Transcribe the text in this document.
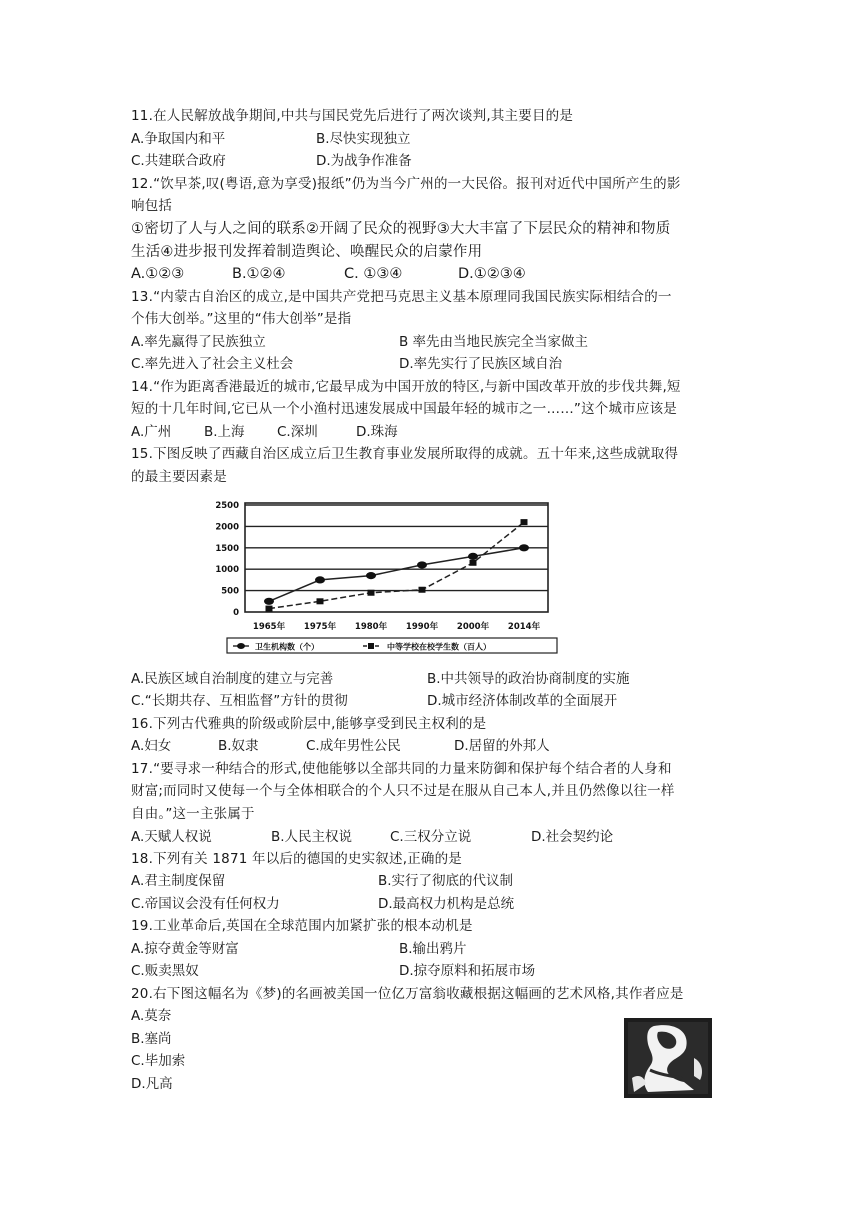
11.在人民解放战争期间,中共与国民党先后进行了两次谈判,其主要目的是
A.争取国内和平	B.尽快实现独立
C.共建联合政府	D.为战争作准备
12.“饮早茶,叹(粤语,意为享受)报纸”仍为当今广州的一大民俗。报刊对近代中国所产生的影
响包括
①密切了人与人之间的联系②开阔了民众的视野③大大丰富了下层民众的精神和物质
生活④进步报刊发挥着制造舆论、唤醒民众的启蒙作用
A.①②③	B.①②④	C. ①③④	D.①②③④
13.“内蒙古自治区的成立,是中国共产党把马克思主义基本原理同我国民族实际相结合的一
个伟大创举。”这里的“伟大创举”是指
A.率先赢得了民族独立	B 率先由当地民族完全当家做主
C.率先进入了社会主义杜会	D.率先实行了民族区域自治
14.“作为距离香港最近的城市,它最早成为中国开放的特区,与新中国改革开放的步伐共舞,短
短的十几年时间,它已从一个小渔村迅速发展成中国最年轻的城市之一……”这个城市应该是
A.广州 B.上海 C.深圳	D.珠海
15.下图反映了西藏自治区成立后卫生教育事业发展所取得的成就。五十年来,这些成就取得
的最主要因素是
0
500
1000
1500
2000
2500
1965年 1975年 1980年 1990年 2000年 2014年
卫生机构数（个）	中等学校在校学生数（百人）
A.民族区域自治制度的建立与完善	B.中共领导的政治协商制度的实施
C.“长期共存、互相监督”方针的贯彻	D.城市经济体制改革的全面展开
16.下列古代雅典的阶级或阶层中,能够享受到民主权利的是
A.妇女	B.奴隶	C.成年男性公民	D.居留的外邦人
17.“要寻求一种结合的形式,使他能够以全部共同的力量来防御和保护每个结合者的人身和
财富;而同时又使每一个与全体相联合的个人只不过是在服从自己本人,并且仍然像以往一样
自由。”这一主张属于
A.天赋人权说	B.人民主权说	C.三权分立说	D.社会契约论
18.下列有关 1871 年以后的德国的史实叙述,正确的是
A.君主制度保留	B.实行了彻底的代议制
C.帝国议会没有任何权力	D.最高权力机构是总统
19.工业革命后,英国在全球范围内加紧扩张的根本动机是
A.掠夺黄金等财富	B.输出鸦片
C.贩卖黑奴	D.掠夺原料和拓展市场
20.右下图这幅名为《梦)的名画被美国一位亿万富翁收藏根据这幅画的艺术风格,其作者应是
A.莫奈
B.塞尚
C.毕加索
D.凡高
